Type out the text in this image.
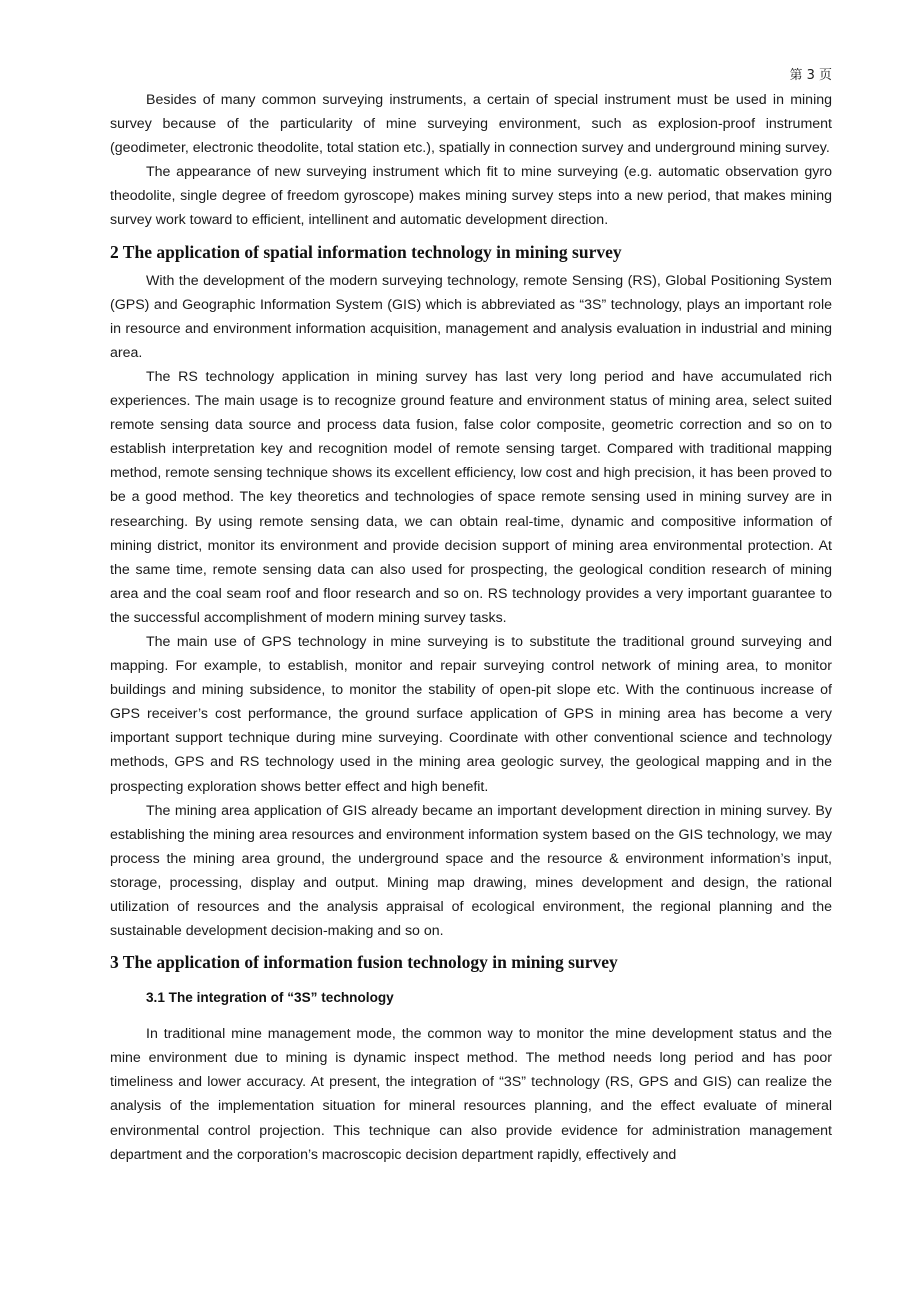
第 3 页

Besides of many common surveying instruments, a certain of special instrument must be used in mining survey because of the particularity of mine surveying environment, such as explosion-proof instrument (geodimeter, electronic theodolite, total station etc.), spatially in connection survey and underground mining survey.

The appearance of new surveying instrument which fit to mine surveying (e.g. automatic observation gyro theodolite, single degree of freedom gyroscope) makes mining survey steps into a new period, that makes mining survey work toward to efficient, intellinent and automatic development direction.

2 The application of spatial information technology in mining survey

With the development of the modern surveying technology, remote Sensing (RS), Global Positioning System (GPS) and Geographic Information System (GIS) which is abbreviated as “3S” technology, plays an important role in resource and environment information acquisition, management and analysis evaluation in industrial and mining area.

The RS technology application in mining survey has last very long period and have accumulated rich experiences. The main usage is to recognize ground feature and environment status of mining area, select suited remote sensing data source and process data fusion, false color composite, geometric correction and so on to establish interpretation key and recognition model of remote sensing target. Compared with traditional mapping method, remote sensing technique shows its excellent efficiency, low cost and high precision, it has been proved to be a good method. The key theoretics and technologies of space remote sensing used in mining survey are in researching. By using remote sensing data, we can obtain real-time, dynamic and compositive information of mining district, monitor its environment and provide decision support of mining area environmental protection. At the same time, remote sensing data can also used for prospecting, the geological condition research of mining area and the coal seam roof and floor research and so on. RS technology provides a very important guarantee to the successful accomplishment of modern mining survey tasks.

The main use of GPS technology in mine surveying is to substitute the traditional ground surveying and mapping. For example, to establish, monitor and repair surveying control network of mining area, to monitor buildings and mining subsidence, to monitor the stability of open-pit slope etc. With the continuous increase of GPS receiver’s cost performance, the ground surface application of GPS in mining area has become a very important support technique during mine surveying. Coordinate with other conventional science and technology methods, GPS and RS technology used in the mining area geologic survey, the geological mapping and in the prospecting exploration shows better effect and high benefit.

The mining area application of GIS already became an important development direction in mining survey. By establishing the mining area resources and environment information system based on the GIS technology, we may process the mining area ground, the underground space and the resource & environment information’s input, storage, processing, display and output. Mining map drawing, mines development and design, the rational utilization of resources and the analysis appraisal of ecological environment, the regional planning and the sustainable development decision-making and so on.

3 The application of information fusion technology in mining survey
3.1 The integration of “3S” technology

In traditional mine management mode, the common way to monitor the mine development status and the mine environment due to mining is dynamic inspect method. The method needs long period and has poor timeliness and lower accuracy. At present, the integration of “3S” technology (RS, GPS and GIS) can realize the analysis of the implementation situation for mineral resources planning, and the effect evaluate of mineral environmental control projection. This technique can also provide evidence for administration management department and the corporation’s macroscopic decision department rapidly, effectively and
